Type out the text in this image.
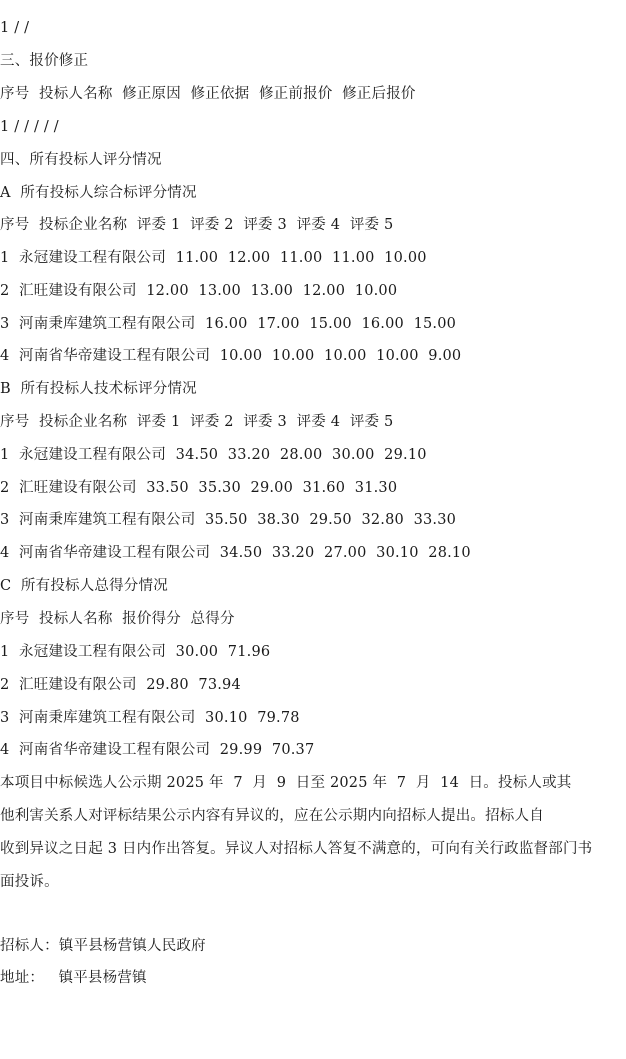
1 / /
三、报价修正
序号  投标人名称  修正原因  修正依据  修正前报价  修正后报价
1 / / / / /
四、所有投标人评分情况
A  所有投标人综合标评分情况
序号  投标企业名称  评委 1  评委 2  评委 3  评委 4  评委 5
1  永冠建设工程有限公司  11.00  12.00  11.00  11.00  10.00
2  汇旺建设有限公司  12.00  13.00  13.00  12.00  10.00
3  河南秉库建筑工程有限公司  16.00  17.00  15.00  16.00  15.00
4  河南省华帝建设工程有限公司  10.00  10.00  10.00  10.00  9.00
B  所有投标人技术标评分情况
序号  投标企业名称  评委 1  评委 2  评委 3  评委 4  评委 5
1  永冠建设工程有限公司  34.50  33.20  28.00  30.00  29.10
2  汇旺建设有限公司  33.50  35.30  29.00  31.60  31.30
3  河南秉库建筑工程有限公司  35.50  38.30  29.50  32.80  33.30
4  河南省华帝建设工程有限公司  34.50  33.20  27.00  30.10  28.10
C  所有投标人总得分情况
序号  投标人名称  报价得分  总得分
1  永冠建设工程有限公司  30.00  71.96
2  汇旺建设有限公司  29.80  73.94
3  河南秉库建筑工程有限公司  30.10  79.78
4  河南省华帝建设工程有限公司  29.99  70.37
本项目中标候选人公示期 2025 年  7  月  9  日至 2025 年  7  月  14  日。投标人或其
他利害关系人对评标结果公示内容有异议的，应在公示期内向招标人提出。招标人自
收到异议之日起 3 日内作出答复。异议人对招标人答复不满意的，可向有关行政监督部门书
面投诉。
招标人：镇平县杨营镇人民政府
地址：   镇平县杨营镇
